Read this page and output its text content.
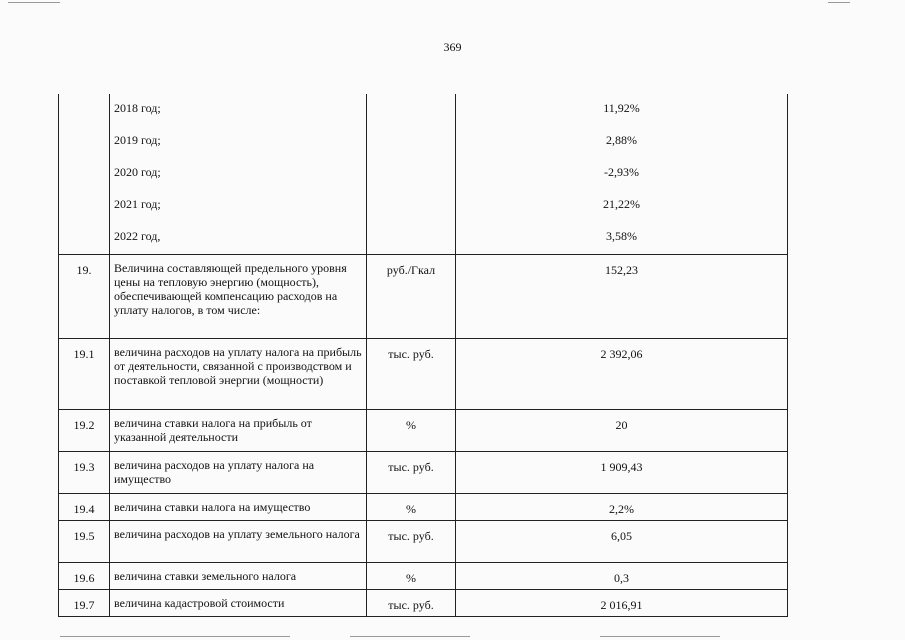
369
	2018 год;		11,92%
	2019 год;		2,88%
	2020 год;		-2,93%
	2021 год;		21,22%
	2022 год,		3,58%
19.	Величина составляющей предельного уровня цены на тепловую энергию (мощность), обеспечивающей компенсацию расходов на уплату налогов, в том числе:	руб./Гкал	152,23
19.1	величина расходов на уплату налога на прибыль от деятельности, связанной с производством и поставкой тепловой энергии (мощности)	тыс. руб.	2 392,06
19.2	величина ставки налога на прибыль от указанной деятельности	%	20
19.3	величина расходов на уплату налога на имущество	тыс. руб.	1 909,43
19.4	величина ставки налога на имущество	%	2,2%
19.5	величина расходов на уплату земельного налога	тыс. руб.	6,05
19.6	величина ставки земельного налога	%	0,3
19.7	величина кадастровой стоимости	тыс. руб.	2 016,91
